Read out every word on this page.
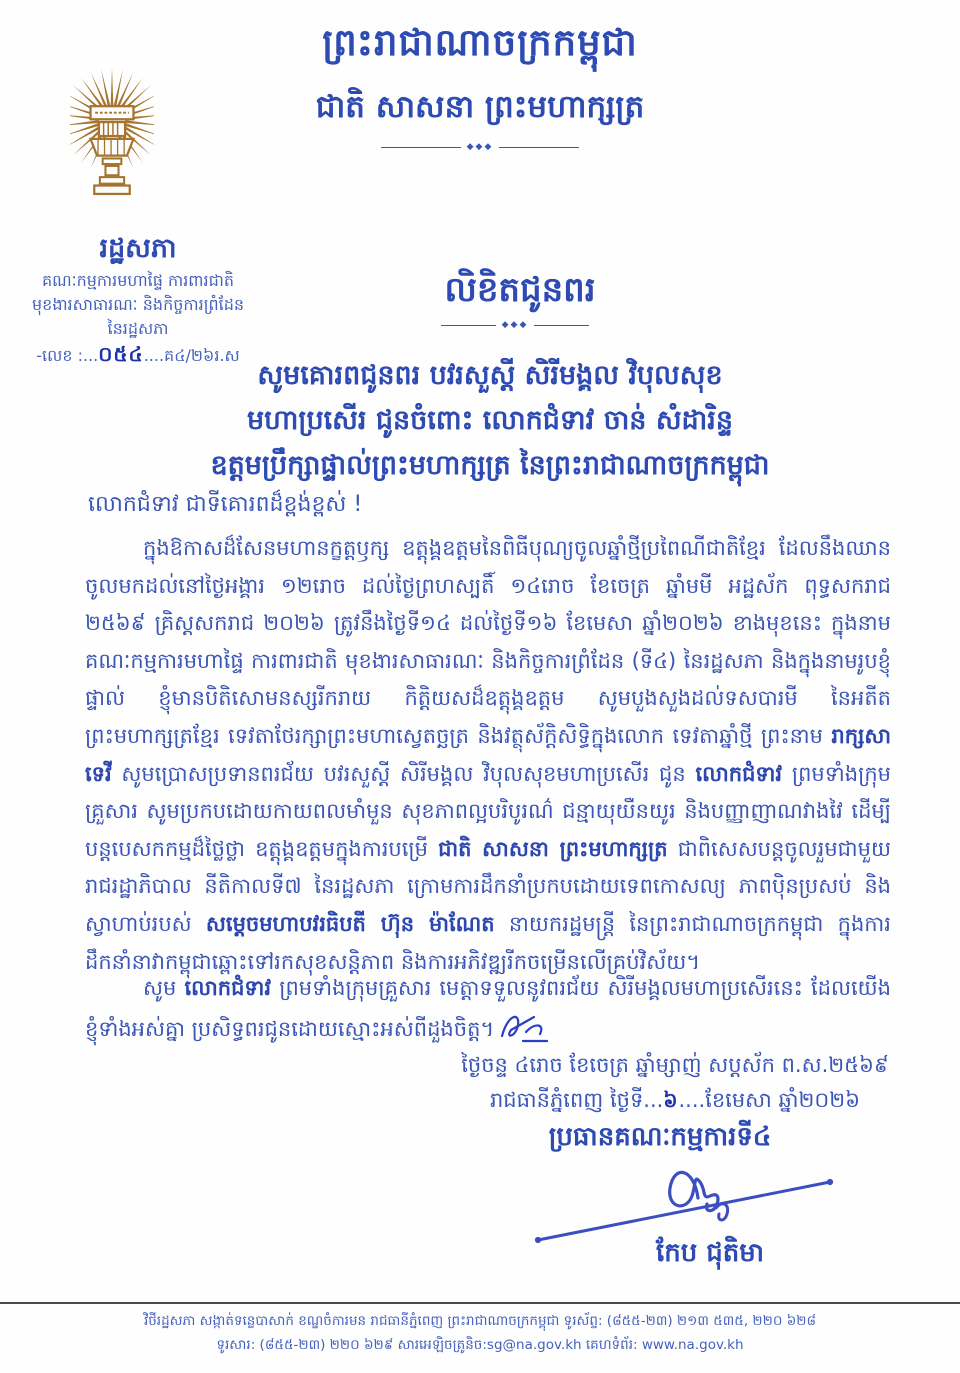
ព្រះរាជាណាចក្រកម្ពុជា
ជាតិ សាសនា ព្រះមហាក្សត្រ
◆◆◆
រដ្ឋសភា
គណៈកម្មការមហាផ្ទៃ ការពារជាតិ
មុខងារសាធារណៈ និងកិច្ចការព្រំដែន
នៃរដ្ឋសភា
-លេខ :...០៥៤....គ៤/២៦រ.ស
លិខិតជូនពរ
◆◆◆
សូមគោរពជូនពរ បវរសួស្ដី សិរីមង្គល វិបុលសុខ
មហាប្រសើរ ជូនចំពោះ លោកជំទាវ ចាន់ សំដារិន្ទ
ឧត្តមប្រឹក្សាផ្ទាល់ព្រះមហាក្សត្រ នៃព្រះរាជាណាចក្រកម្ពុជា
លោកជំទាវ ជាទីគោរពដ៏ខ្ពង់ខ្ពស់ !

ក្នុងឱកាសដ៏សែនមហានក្ខត្តឫក្ស ឧត្តុង្គឧត្តមនៃពិធីបុណ្យចូលឆ្នាំថ្មីប្រពៃណីជាតិខ្មែរ ដែលនឹងឈានចូលមកដល់នៅថ្ងៃអង្គារ ១២រោច ដល់ថ្ងៃព្រហស្បតិ៍ ១៤រោច ខែចេត្រ ឆ្នាំមមី អដ្ឋស័ក ពុទ្ធសករាជ ២៥៦៩ គ្រិស្ដសករាជ ២០២៦ ត្រូវនឹងថ្ងៃទី១៤ ដល់ថ្ងៃទី១៦ ខែមេសា ឆ្នាំ២០២៦ ខាងមុខនេះ ក្នុងនាមគណៈកម្មការមហាផ្ទៃ ការពារជាតិ មុខងារសាធារណៈ និងកិច្ចការព្រំដែន (ទី៤) នៃរដ្ឋសភា និងក្នុងនាមរូបខ្ញុំផ្ទាល់ ខ្ញុំមានបិតិសោមនស្សរីករាយ កិត្តិយសដ៏ឧត្តុង្គឧត្តម សូមបួងសួងដល់ទសបារមី នៃអតីតព្រះមហាក្សត្រខ្មែរ ទេវតាថែរក្សាព្រះមហាស្វេតច្ឆត្រ និងវត្ថុស័ក្ដិសិទ្ធិក្នុងលោក ទេវតាឆ្នាំថ្មី ព្រះនាម រាក្សសាទេវី សូមប្រោសប្រទានពរជ័យ បវរសួស្ដី សិរីមង្គល វិបុលសុខមហាប្រសើរ ជូន លោកជំទាវ ព្រមទាំងក្រុមគ្រួសារ សូមប្រកបដោយកាយពលមាំមួន សុខភាពល្អបរិបូរណ៌ ជន្មាយុយឺនយូរ និងបញ្ញាញាណវាងវៃ ដើម្បីបន្តបេសកកម្មដ៏ថ្លៃថ្លា ឧត្តុង្គឧត្តមក្នុងការបម្រើ ជាតិ សាសនា ព្រះមហាក្សត្រ ជាពិសេសបន្តចូលរួមជាមួយរាជរដ្ឋាភិបាល នីតិកាលទី៧ នៃរដ្ឋសភា ក្រោមការដឹកនាំប្រកបដោយទេពកោសល្យ ភាពប៉ិនប្រសប់ និងស្វាហាប់របស់ សម្ដេចមហាបវរធិបតី ហ៊ុន ម៉ាណែត នាយករដ្ឋមន្ត្រី នៃព្រះរាជាណាចក្រកម្ពុជា ក្នុងការដឹកនាំនាវាកម្ពុជាឆ្ពោះទៅរកសុខសន្តិភាព និងការអភិវឌ្ឍរីកចម្រើនលើគ្រប់វិស័យ។

សូម លោកជំទាវ ព្រមទាំងក្រុមគ្រួសារ មេត្តាទទួលនូវពរជ័យ សិរីមង្គលមហាប្រសើរនេះ ដែលយើងខ្ញុំទាំងអស់គ្នា ប្រសិទ្ធពរជូនដោយស្មោះអស់ពីដួងចិត្ត។

ថ្ងៃចន្ទ ៤រោច ខែចេត្រ ឆ្នាំម្សាញ់ សប្តស័ក ព.ស.២៥៦៩
រាជធានីភ្នំពេញ ថ្ងៃទី...៦....ខែមេសា ឆ្នាំ២០២៦
ប្រធានគណៈកម្មការទី៤
កែប ជុតិមា
វិថីរដ្ឋសភា សង្កាត់ទន្លេបាសាក់ ខណ្ឌចំការមន រាជធានីភ្នំពេញ ព្រះរាជាណាចក្រកម្ពុជា ទូរស័ព្ទ: (៨៥៥-២៣) ២១៣ ៥៣៥, ២២០ ៦២៨
ទូរសារ: (៨៥៥-២៣) ២២០ ៦២៩ សារអេឡិចត្រូនិច:sg@na.gov.kh គេហទំព័រ: www.na.gov.kh
